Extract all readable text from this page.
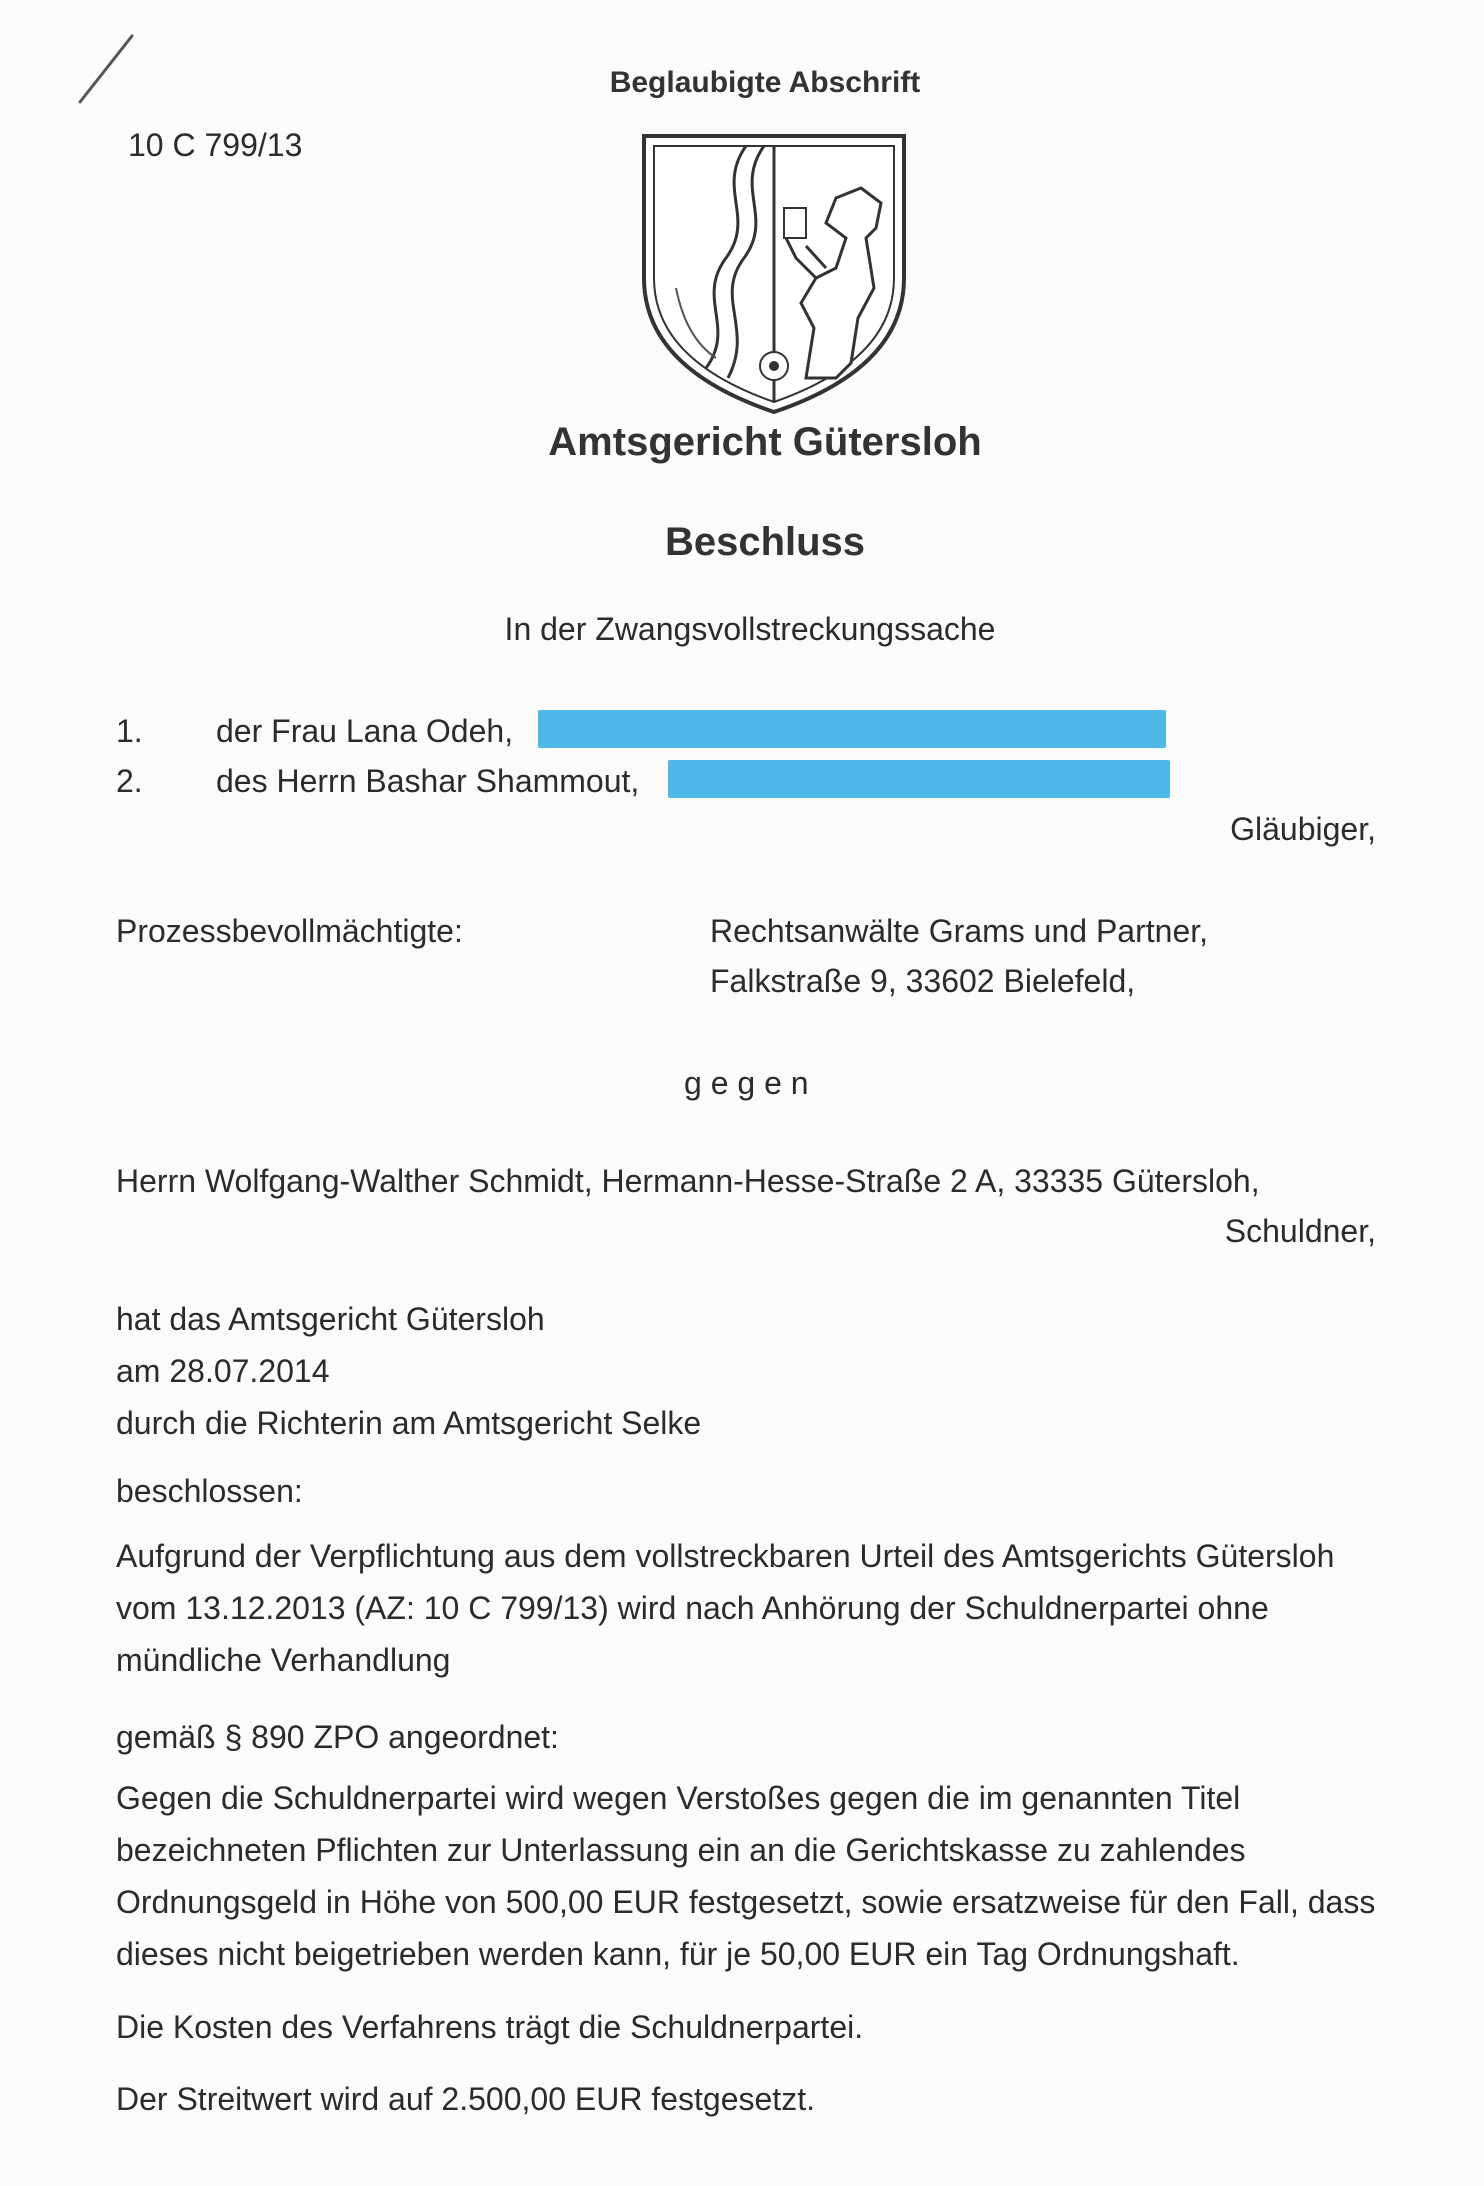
Beglaubigte Abschrift
10 C 799/13
Amtsgericht Gütersloh
Beschluss
In der Zwangsvollstreckungssache
1. der Frau Lana Odeh,
2. des Herrn Bashar Shammout,
Gläubiger,
Prozessbevollmächtigte:	Rechtsanwälte Grams und Partner,
Falkstraße 9, 33602 Bielefeld,
g e g e n
Herrn Wolfgang-Walther Schmidt, Hermann-Hesse-Straße 2 A, 33335 Gütersloh,
Schuldner,
hat das Amtsgericht Gütersloh
am 28.07.2014
durch die Richterin am Amtsgericht Selke
beschlossen:
Aufgrund der Verpflichtung aus dem vollstreckbaren Urteil des Amtsgerichts Gütersloh vom 13.12.2013 (AZ: 10 C 799/13) wird nach Anhörung der Schuldnerpartei ohne mündliche Verhandlung
gemäß § 890 ZPO angeordnet:
Gegen die Schuldnerpartei wird wegen Verstoßes gegen die im genannten Titel bezeichneten Pflichten zur Unterlassung ein an die Gerichtskasse zu zahlendes Ordnungsgeld in Höhe von 500,00 EUR festgesetzt, sowie ersatzweise für den Fall, dass dieses nicht beigetrieben werden kann, für je 50,00 EUR ein Tag Ordnungshaft.
Die Kosten des Verfahrens trägt die Schuldnerpartei.
Der Streitwert wird auf 2.500,00 EUR festgesetzt.
